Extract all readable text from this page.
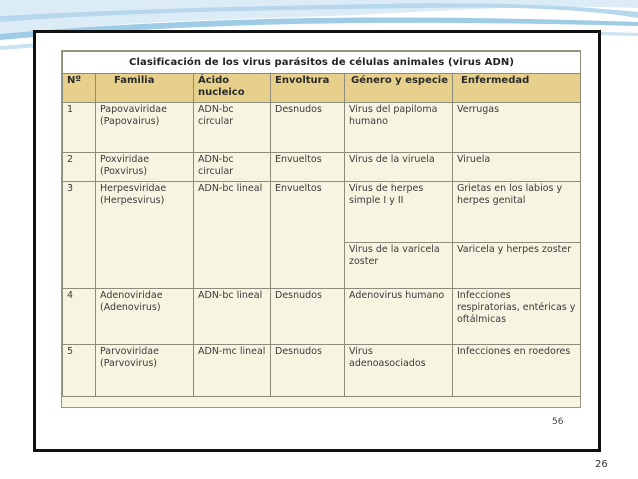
Clasificación de los virus parásitos de células animales (virus ADN)					
Nº	Familia	Ácido nucleico	Envoltura	Género y especie	Enfermedad
1	Papovaviridae (Papovairus)	ADN-bc circular	Desnudos	Virus del papiloma humano	Verrugas
2	Poxviridae (Poxvirus)	ADN-bc circular	Envueltos	Virus de la viruela	Viruela
3	Herpesviridae (Herpesvirus)	ADN-bc lineal	Envueltos	Virus de herpes simple I y II	Grietas en los labios y herpes genital
				Virus de la varicela zoster	Varicela y herpes zoster
4	Adenoviridae (Adenovirus)	ADN-bc lineal	Desnudos	Adenovirus humano	Infecciones respiratorias, entéricas y oftálmicas
5	Parvoviridae (Parvovirus)	ADN-mc lineal	Desnudos	Virus adenoasociados	Infecciones en roedores
56
26
